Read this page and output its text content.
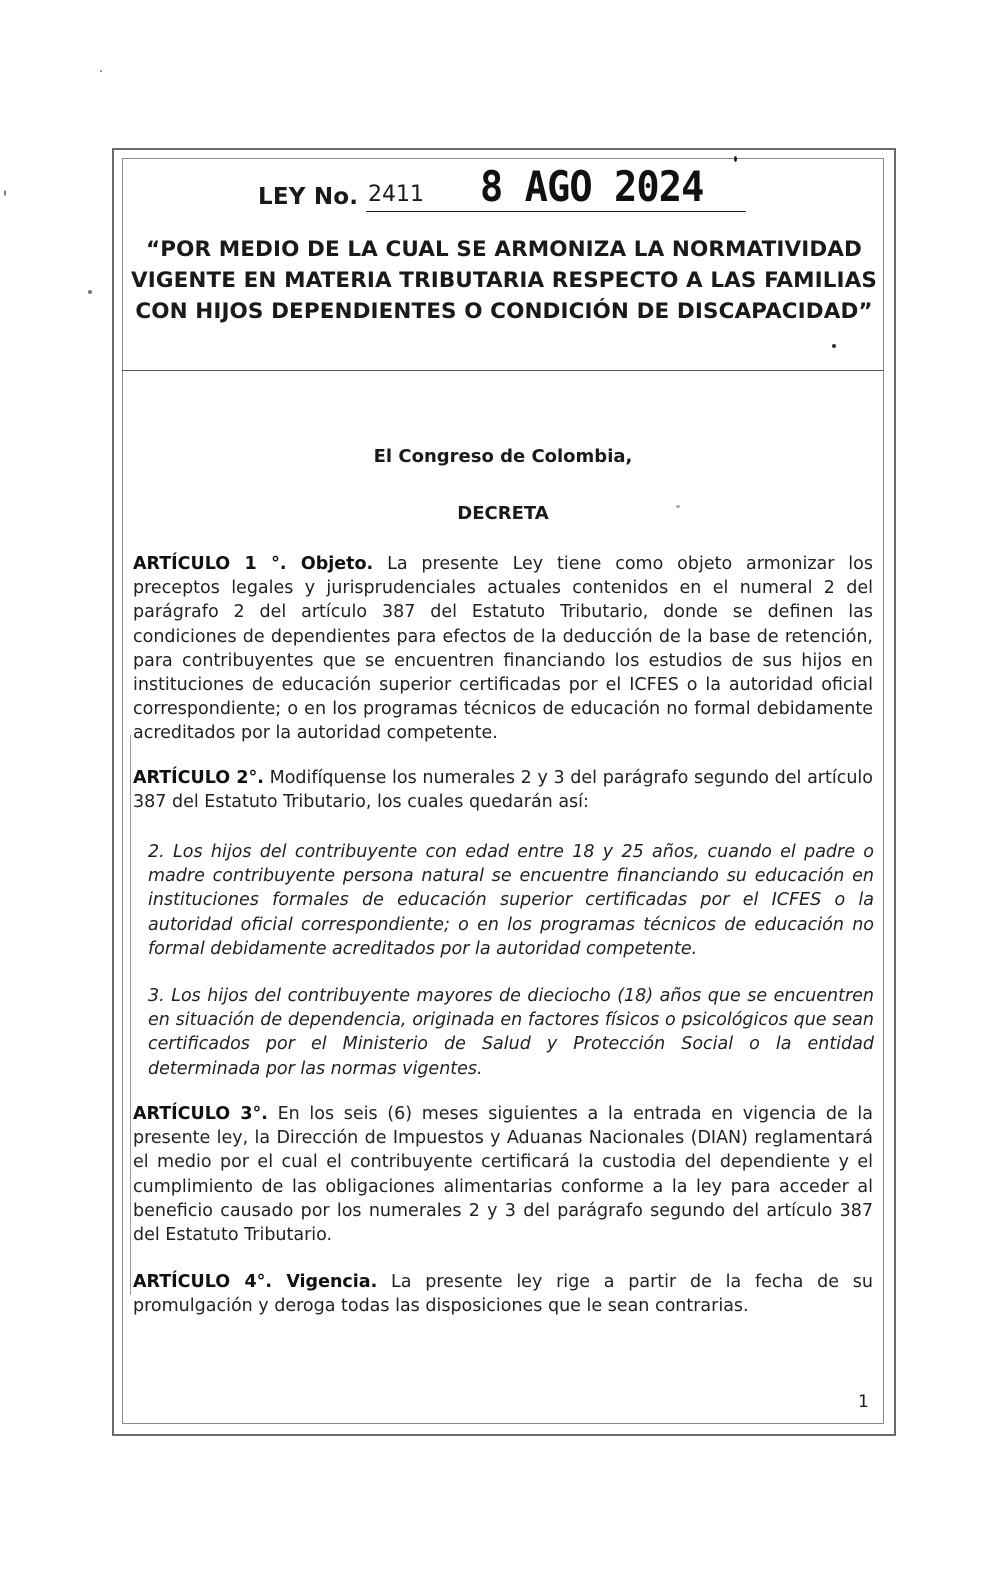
LEY No. 2411 8 AGO 2024
“POR MEDIO DE LA CUAL SE ARMONIZA LA NORMATIVIDAD VIGENTE EN MATERIA TRIBUTARIA RESPECTO A LAS FAMILIAS CON HIJOS DEPENDIENTES O CONDICIÓN DE DISCAPACIDAD”
El Congreso de Colombia,
DECRETA
ARTÍCULO 1 °. Objeto. La presente Ley tiene como objeto armonizar los preceptos legales y jurisprudenciales actuales contenidos en el numeral 2 del parágrafo 2 del artículo 387 del Estatuto Tributario, donde se definen las condiciones de dependientes para efectos de la deducción de la base de retención, para contribuyentes que se encuentren financiando los estudios de sus hijos en instituciones de educación superior certificadas por el ICFES o la autoridad oficial correspondiente; o en los programas técnicos de educación no formal debidamente acreditados por la autoridad competente.
ARTÍCULO 2°. Modifíquense los numerales 2 y 3 del parágrafo segundo del artículo 387 del Estatuto Tributario, los cuales quedarán así:
2. Los hijos del contribuyente con edad entre 18 y 25 años, cuando el padre o madre contribuyente persona natural se encuentre financiando su educación en instituciones formales de educación superior certificadas por el ICFES o la autoridad oficial correspondiente; o en los programas técnicos de educación no formal debidamente acreditados por la autoridad competente.
3. Los hijos del contribuyente mayores de dieciocho (18) años que se encuentren en situación de dependencia, originada en factores físicos o psicológicos que sean certificados por el Ministerio de Salud y Protección Social o la entidad determinada por las normas vigentes.
ARTÍCULO 3°. En los seis (6) meses siguientes a la entrada en vigencia de la presente ley, la Dirección de Impuestos y Aduanas Nacionales (DIAN) reglamentará el medio por el cual el contribuyente certificará la custodia del dependiente y el cumplimiento de las obligaciones alimentarias conforme a la ley para acceder al beneficio causado por los numerales 2 y 3 del parágrafo segundo del artículo 387 del Estatuto Tributario.
ARTÍCULO 4°. Vigencia. La presente ley rige a partir de la fecha de su promulgación y deroga todas las disposiciones que le sean contrarias.
1
